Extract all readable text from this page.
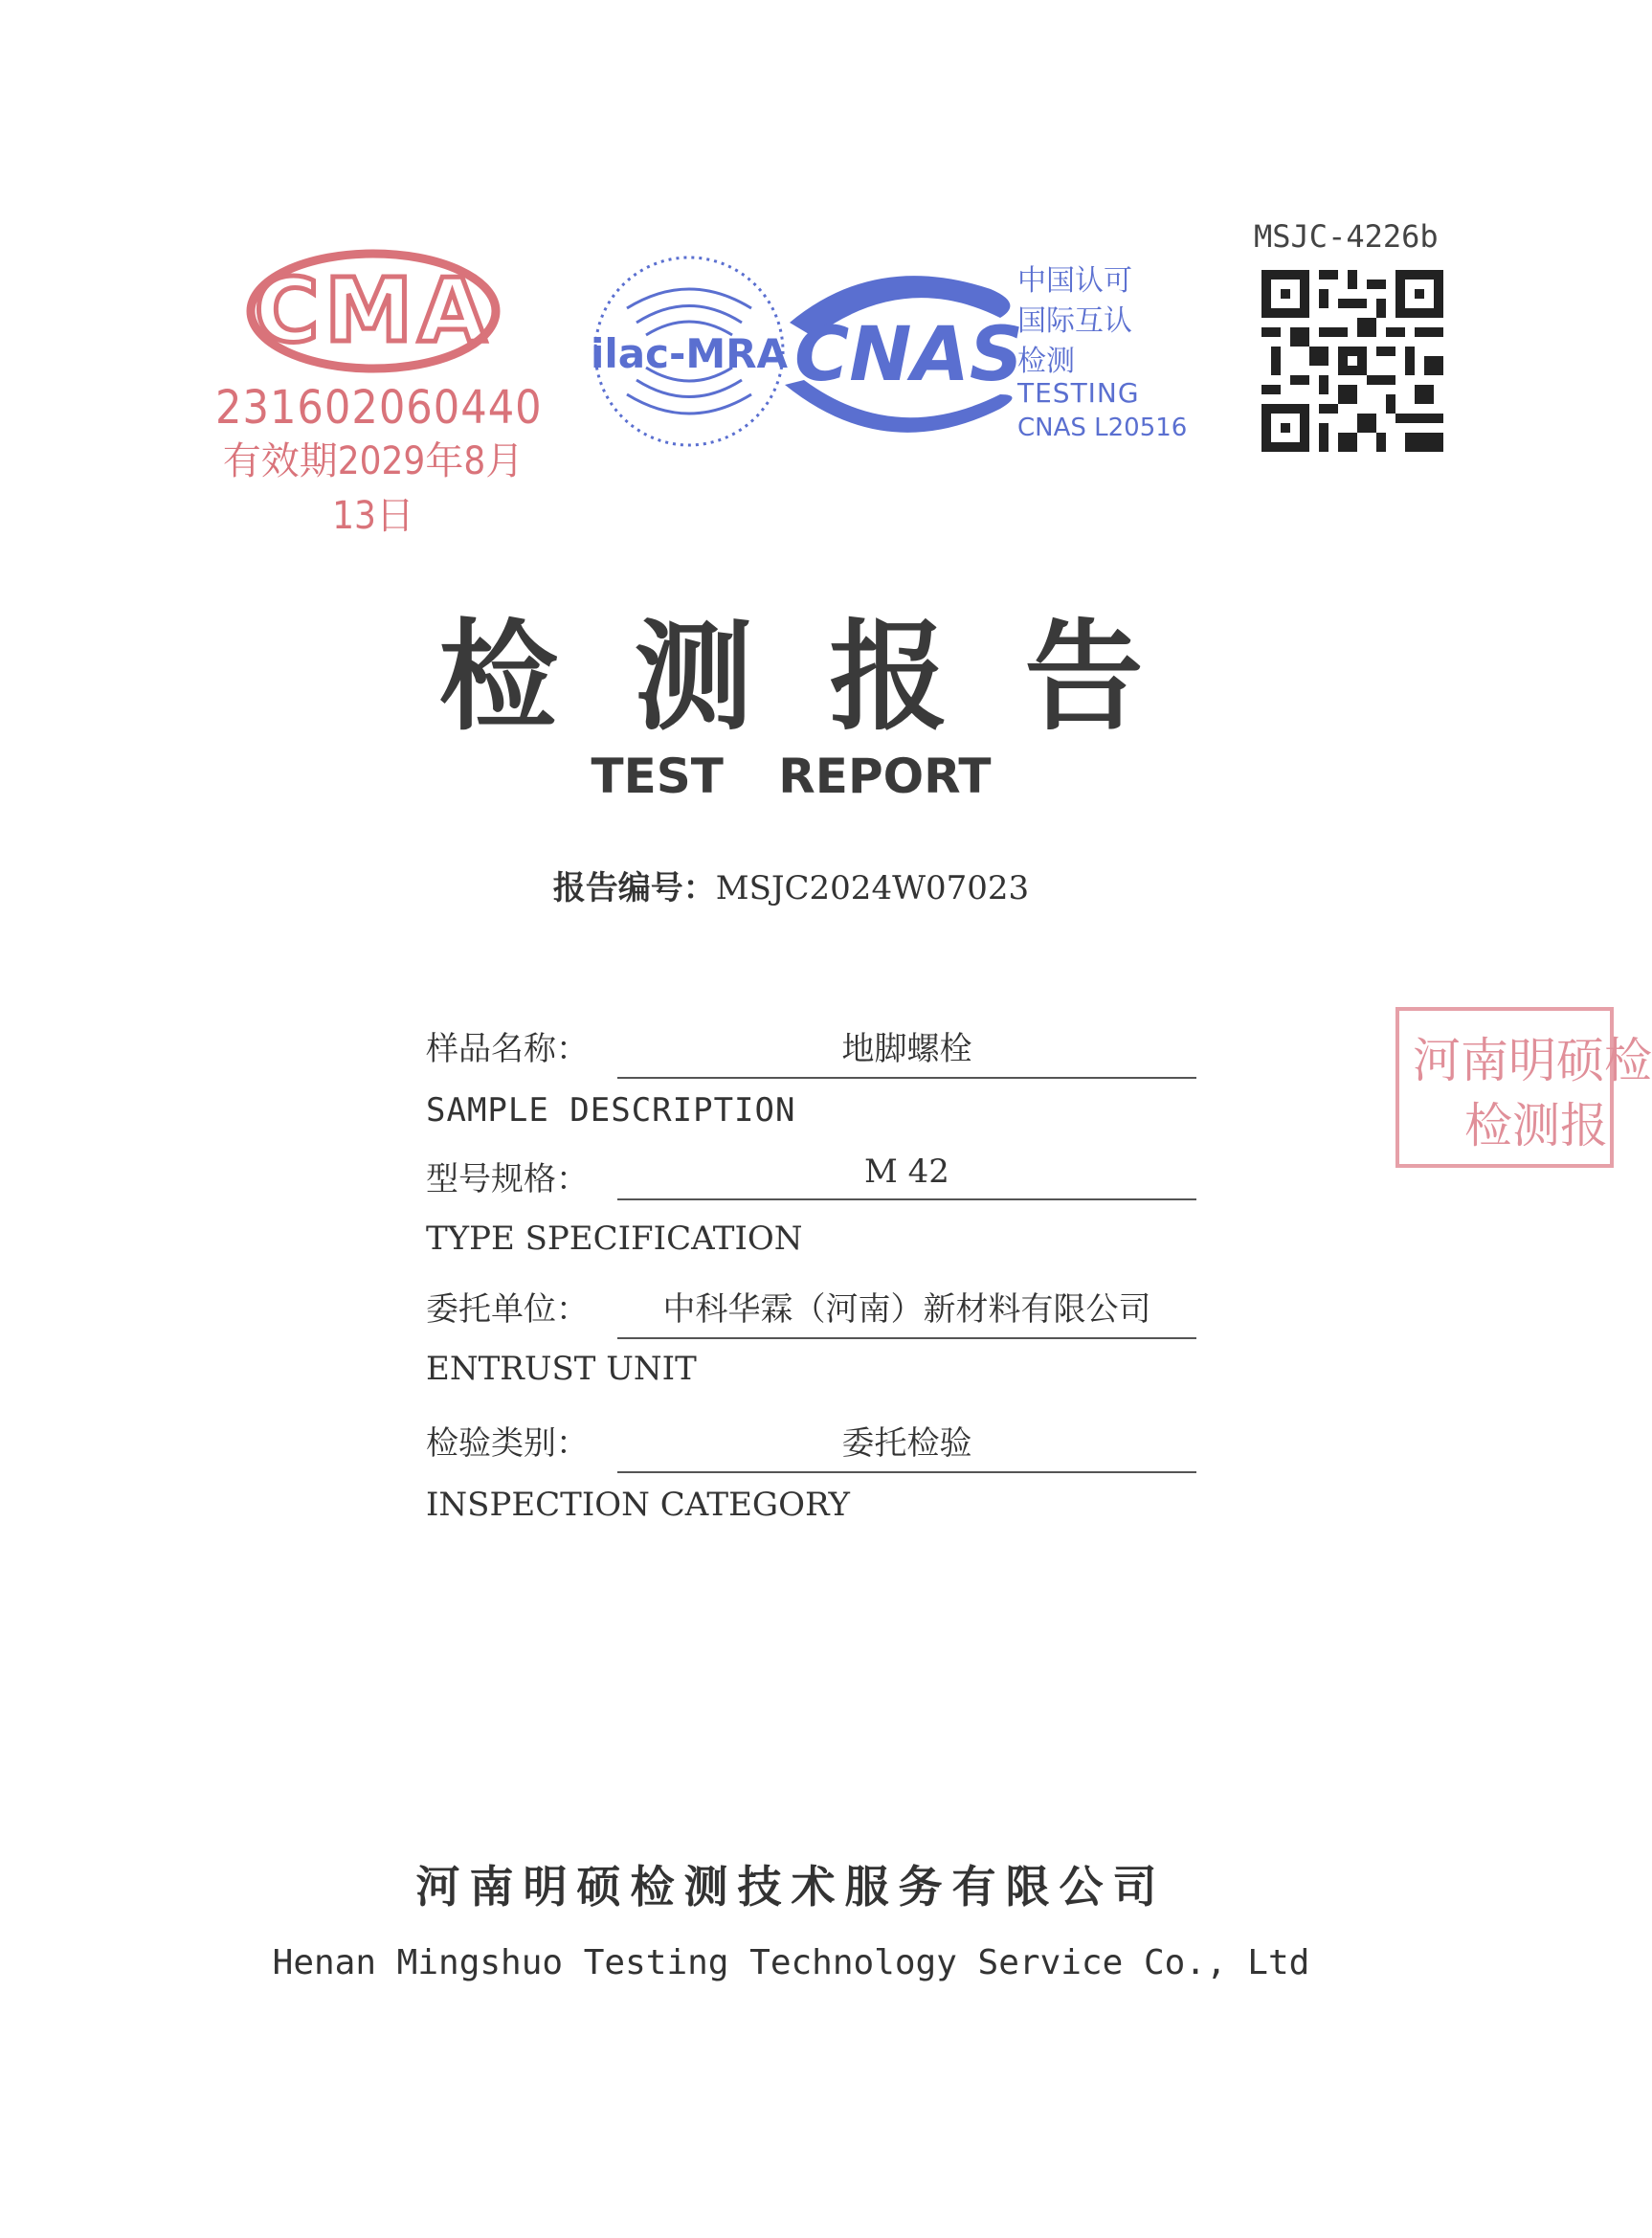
CMA
231602060440
有效期2029年8月13日
ilac-MRA CNAS
中国认可
国际互认
检测
TESTING
CNAS L20516
MSJC-4226b
检测报告
TEST REPORT
报告编号：MSJC2024W07023
样品名称：	地脚螺栓
SAMPLE DESCRIPTION
型号规格：	M 42
TYPE SPECIFICATION
委托单位：	中科华霖（河南）新材料有限公司
ENTRUST UNIT
检验类别：	委托检验
INSPECTION CATEGORY
河南明硕检
检测报
河南明硕检测技术服务有限公司
Henan Mingshuo Testing Technology Service Co., Ltd
